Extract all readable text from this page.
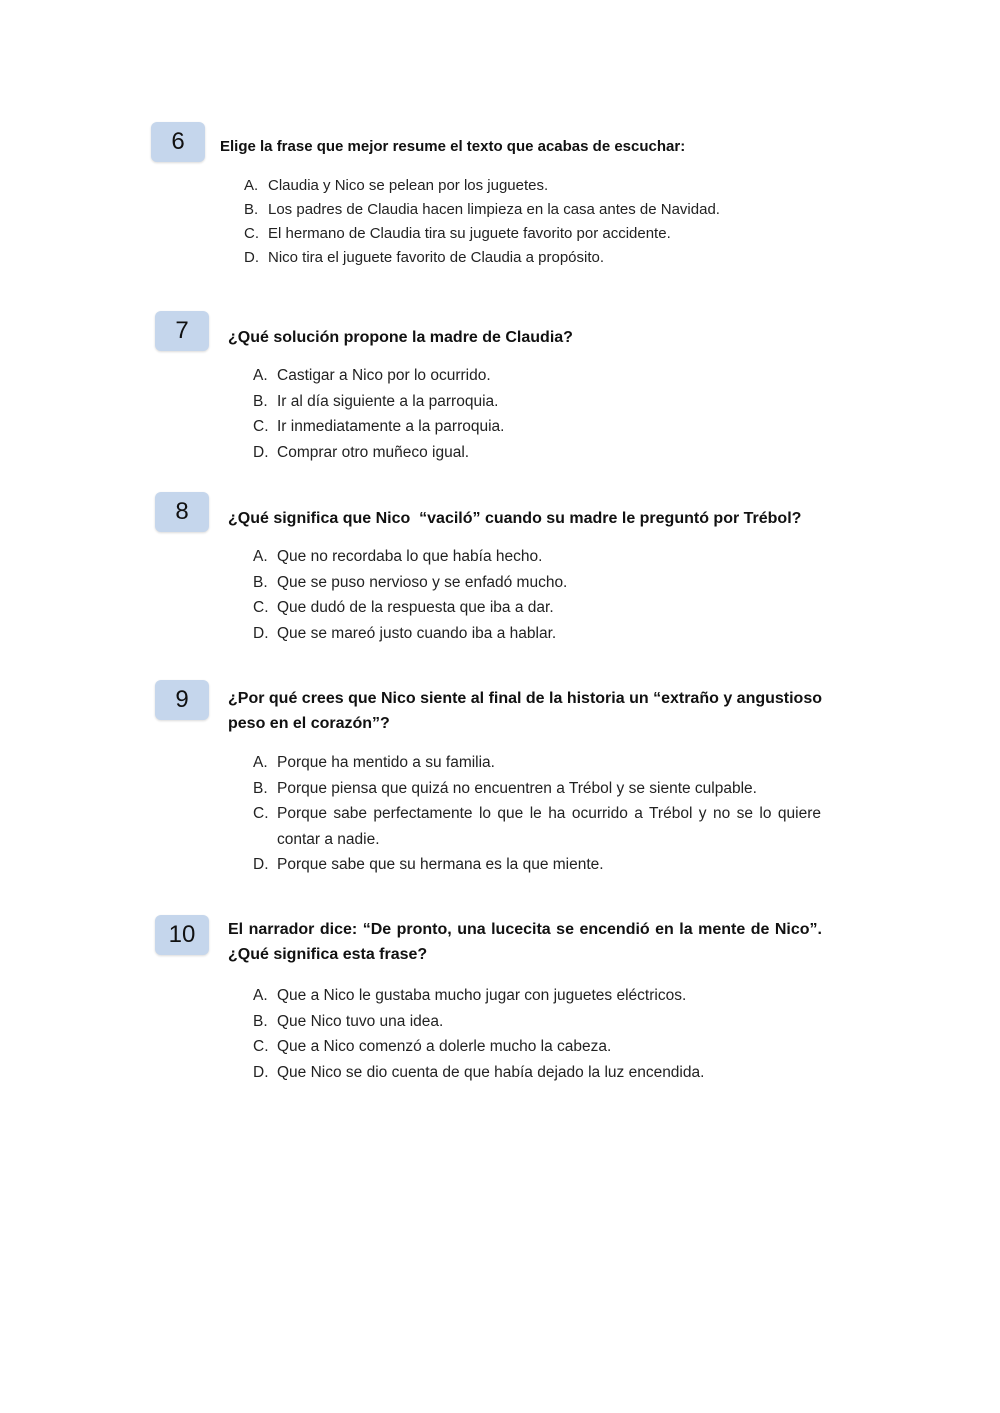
6	Elige la frase que mejor resume el texto que acabas de escuchar:
A. Claudia y Nico se pelean por los juguetes.
B. Los padres de Claudia hacen limpieza en la casa antes de Navidad.
C. El hermano de Claudia tira su juguete favorito por accidente.
D. Nico tira el juguete favorito de Claudia a propósito.
7	¿Qué solución propone la madre de Claudia?
A. Castigar a Nico por lo ocurrido.
B. Ir al día siguiente a la parroquia.
C. Ir inmediatamente a la parroquia.
D. Comprar otro muñeco igual.
8	¿Qué significa que Nico  “vaciló” cuando su madre le preguntó por Trébol?
A. Que no recordaba lo que había hecho.
B. Que se puso nervioso y se enfadó mucho.
C. Que dudó de la respuesta que iba a dar.
D. Que se mareó justo cuando iba a hablar.
9	¿Por qué crees que Nico siente al final de la historia un “extraño y angustioso peso en el corazón”?
A. Porque ha mentido a su familia.
B. Porque piensa que quizá no encuentren a Trébol y se siente culpable.
C. Porque sabe perfectamente lo que le ha ocurrido a Trébol y no se lo quiere contar a nadie.
D. Porque sabe que su hermana es la que miente.
10	El narrador dice: “De pronto, una lucecita se encendió en la mente de Nico”. ¿Qué significa esta frase?
A. Que a Nico le gustaba mucho jugar con juguetes eléctricos.
B. Que Nico tuvo una idea.
C. Que a Nico comenzó a dolerle mucho la cabeza.
D. Que Nico se dio cuenta de que había dejado la luz encendida.
